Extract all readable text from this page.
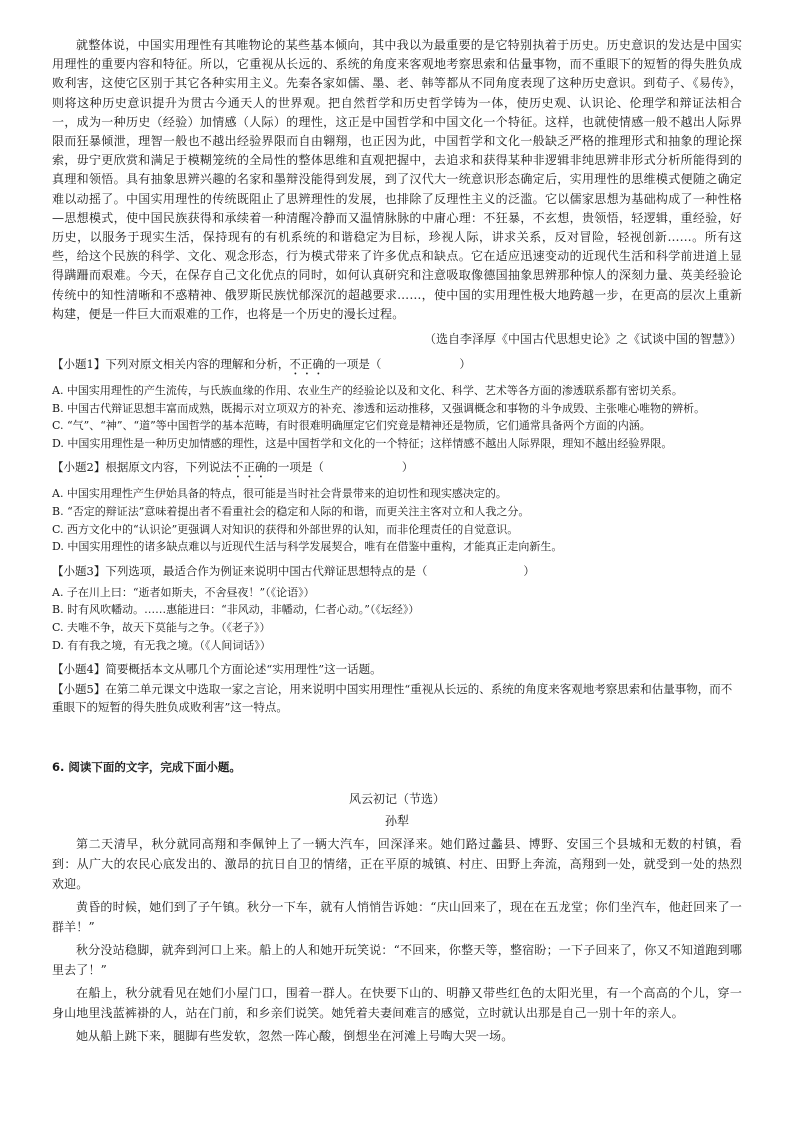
就整体说，中国实用理性有其唯物论的某些基本倾向，其中我以为最重要的是它特别执着于历史。历史意识的发达是中国实用理性的重要内容和特征。所以，它重视从长远的、系统的角度来客观地考察思索和估量事物，而不重眼下的短暂的得失胜负成败利害，这使它区别于其它各种实用主义。先秦各家如儒、墨、老、韩等都从不同角度表现了这种历史意识。到荀子、《易传》，则将这种历史意识提升为贯古今通天人的世界观。把自然哲学和历史哲学铸为一体，使历史观、认识论、伦理学和辩证法相合一，成为一种历史（经验）加情感（人际）的理性，这正是中国哲学和中国文化一个特征。这样，也就使情感一般不越出人际界限而狂暴倾泄，理智一般也不越出经验界限而自由翱翔，也正因为此，中国哲学和文化一般缺乏严格的推理形式和抽象的理论探索，毋宁更欣赏和满足于模糊笼统的全局性的整体思维和直观把握中，去追求和获得某种非逻辑非纯思辨非形式分析所能得到的真理和领悟。具有抽象思辨兴趣的名家和墨辩没能得到发展，到了汉代大一统意识形态确定后，实用理性的思维模式便随之确定难以动摇了。中国实用理性的传统既阻止了思辨理性的发展，也排除了反理性主义的泛滥。它以儒家思想为基础构成了一种性格—思想模式，使中国民族获得和承续着一种清醒冷静而又温情脉脉的中庸心理：不狂暴，不玄想，贵领悟，轻逻辑，重经验，好历史，以服务于现实生活，保持现有的有机系统的和谐稳定为目标，珍视人际，讲求关系，反对冒险，轻视创新……。所有这些，给这个民族的科学、文化、观念形态，行为模式带来了许多优点和缺点。它在适应迅速变动的近现代生活和科学前进道上显得蹒跚而艰难。今天，在保存自己文化优点的同时，如何认真研究和注意吸取像德国抽象思辨那种惊人的深刻力量、英美经验论传统中的知性清晰和不惑精神、俄罗斯民族忧郁深沉的超越要求……，使中国的实用理性极大地跨越一步，在更高的层次上重新构建，便是一件巨大而艰难的工作，也将是一个历史的漫长过程。

（选自李泽厚《中国古代思想史论》之《试谈中国的智慧》）

【小题1】下列对原文相关内容的理解和分析，不正确的一项是（	）

A. 中国实用理性的产生流传，与氏族血缘的作用、农业生产的经验论以及和文化、科学、艺术等各方面的渗透联系都有密切关系。

B. 中国古代辩证思想丰富而成熟，既揭示对立项双方的补充、渗透和运动推移，又强调概念和事物的斗争成毁、主张唯心唯物的辨析。

C. “气”、“神”、“道”等中国哲学的基本范畴，有时很难明确厘定它们究竟是精神还是物质，它们通常具备两个方面的内涵。

D. 中国实用理性是一种历史加情感的理性，这是中国哲学和文化的一个特征；这样情感不越出人际界限，理知不越出经验界限。

【小题2】根据原文内容，下列说法不正确的一项是（	）

A. 中国实用理性产生伊始具备的特点，很可能是当时社会背景带来的迫切性和现实感决定的。

B. “否定的辩证法”意味着提出者不看重社会的稳定和人际的和谐，而更关注主客对立和人我之分。

C. 西方文化中的“认识论”更强调人对知识的获得和外部世界的认知，而非伦理责任的自觉意识。

D. 中国实用理性的诸多缺点难以与近现代生活与科学发展契合，唯有在借鉴中重构，才能真正走向新生。

【小题3】下列选项，最适合作为例证来说明中国古代辩证思想特点的是（	）

A. 子在川上曰：“逝者如斯夫，不舍昼夜！”（《论语》）

B. 时有风吹幡动。……惠能进曰：“非风动，非幡动，仁者心动。”（《坛经》）

C. 夫唯不争，故天下莫能与之争。（《老子》）

D. 有有我之境，有无我之境。（《人间词话》）

【小题4】简要概括本文从哪几个方面论述“实用理性”这一话题。

【小题5】在第二单元课文中选取一家之言论，用来说明中国实用理性“重视从长远的、系统的角度来客观地考察思索和估量事物，而不重眼下的短暂的得失胜负成败利害”这一特点。

6. 阅读下面的文字，完成下面小题。

风云初记（节选）

孙犁

第二天清早，秋分就同高翔和李佩钟上了一辆大汽车，回深泽来。她们路过蠡县、博野、安国三个县城和无数的村镇，看到：从广大的农民心底发出的、激昂的抗日自卫的情绪，正在平原的城镇、村庄、田野上奔流，高翔到一处，就受到一处的热烈欢迎。

黄昏的时候，她们到了子午镇。秋分一下车，就有人悄悄告诉她：“庆山回来了，现在在五龙堂；你们坐汽车，他赶回来了一群羊！”

秋分没站稳脚，就奔到河口上来。船上的人和她开玩笑说：“不回来，你整天等，整宿盼；一下子回来了，你又不知道跑到哪里去了！”

在船上，秋分就看见在她们小屋门口，围着一群人。在快要下山的、明静又带些红色的太阳光里，有一个高高的个儿，穿一身山地里浅蓝裤褂的人，站在门前，和乡亲们说笑。她凭着夫妻间难言的感觉，立时就认出那是自己一别十年的亲人。

她从船上跳下来，腿脚有些发软，忽然一阵心酸，倒想坐在河滩上号啕大哭一场。
